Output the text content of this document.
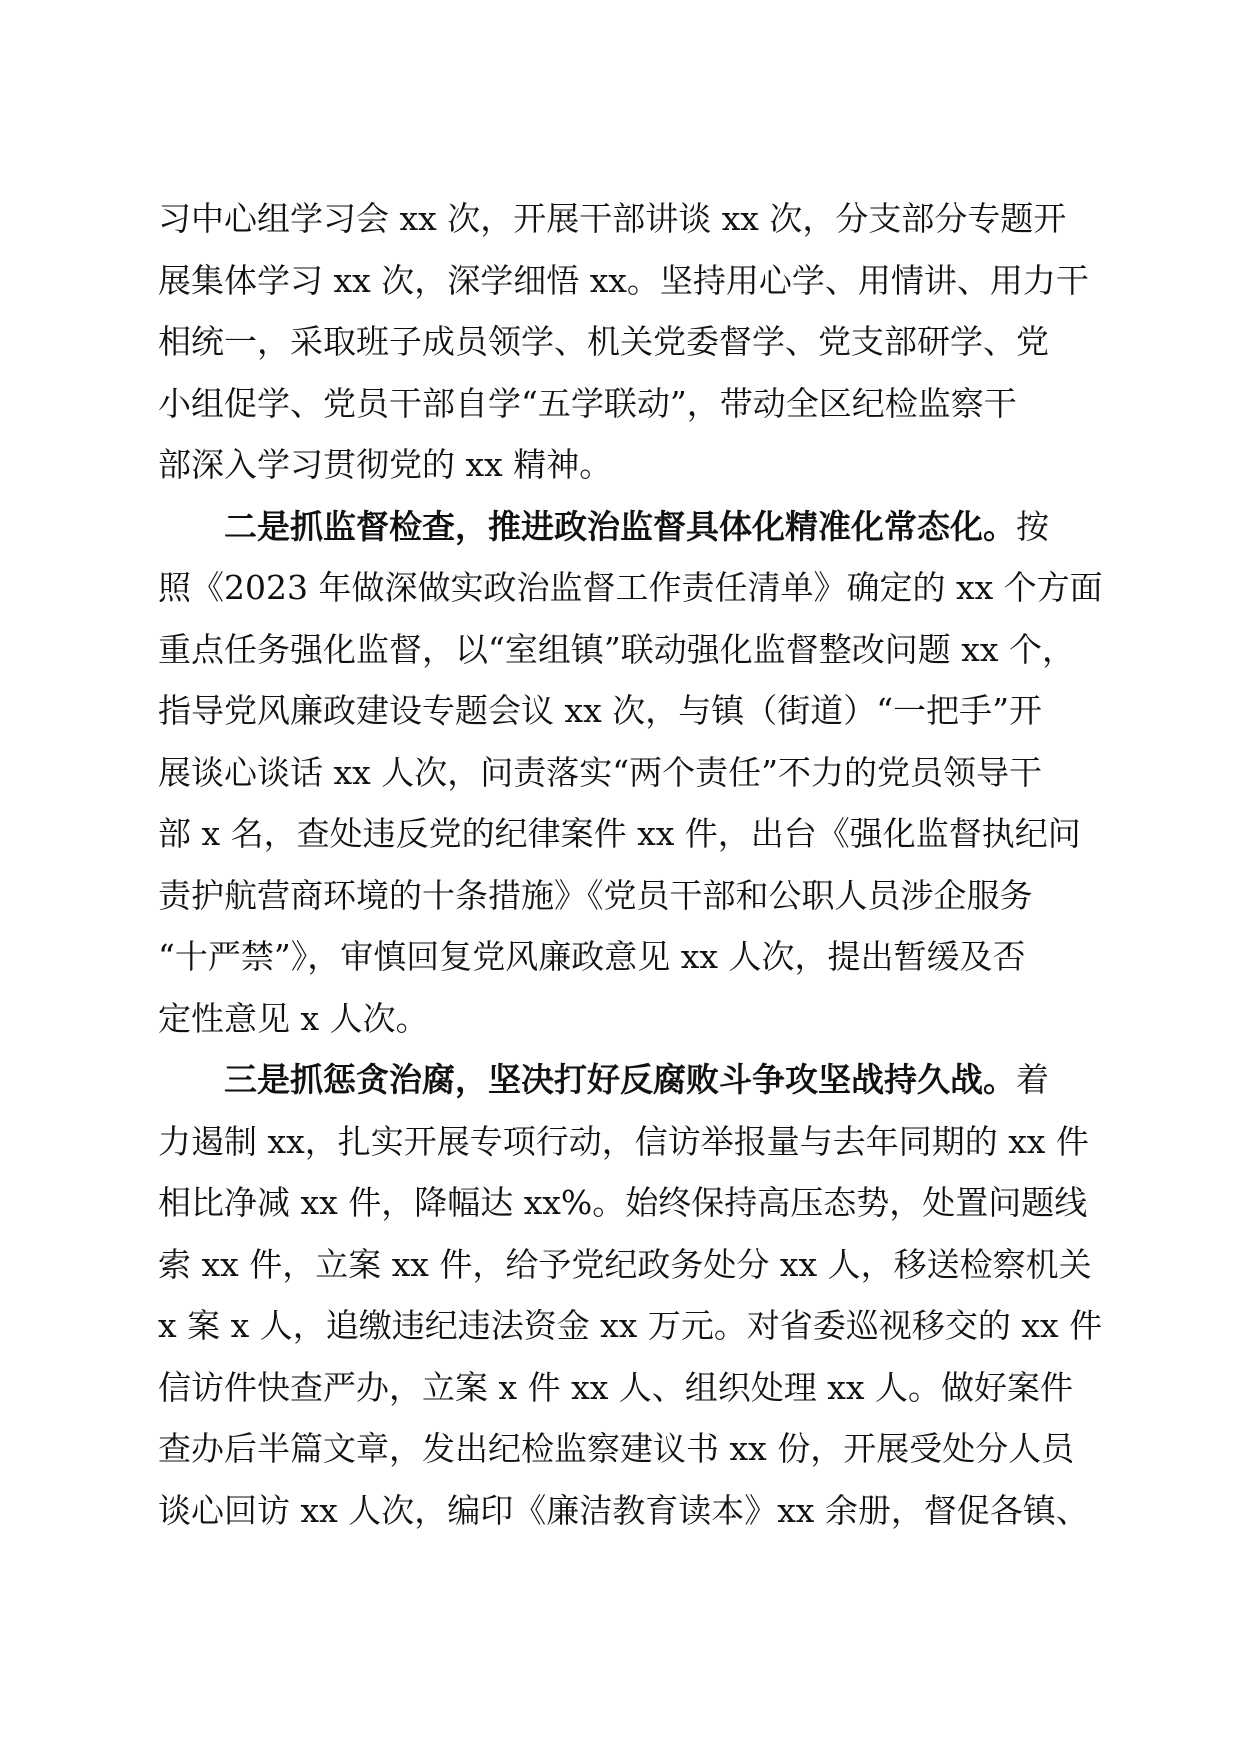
习中心组学习会 xx 次，开展干部讲谈 xx 次，分支部分专题开
展集体学习 xx 次，深学细悟 xx。坚持用心学、用情讲、用力干
相统一，采取班子成员领学、机关党委督学、党支部研学、党
小组促学、党员干部自学“五学联动”，带动全区纪检监察干
部深入学习贯彻党的 xx 精神。
二是抓监督检查，推进政治监督具体化精准化常态化。按
照《2023 年做深做实政治监督工作责任清单》确定的 xx 个方面
重点任务强化监督，以“室组镇”联动强化监督整改问题 xx 个，
指导党风廉政建设专题会议 xx 次，与镇（街道）“一把手”开
展谈心谈话 xx 人次，问责落实“两个责任”不力的党员领导干
部 x 名，查处违反党的纪律案件 xx 件，出台《强化监督执纪问
责护航营商环境的十条措施》《党员干部和公职人员涉企服务
“十严禁”》，审慎回复党风廉政意见 xx 人次，提出暂缓及否
定性意见 x 人次。
三是抓惩贪治腐，坚决打好反腐败斗争攻坚战持久战。着
力遏制 xx，扎实开展专项行动，信访举报量与去年同期的 xx 件
相比净减 xx 件，降幅达 xx%。始终保持高压态势，处置问题线
索 xx 件，立案 xx 件，给予党纪政务处分 xx 人，移送检察机关
x 案 x 人，追缴违纪违法资金 xx 万元。对省委巡视移交的 xx 件
信访件快查严办，立案 x 件 xx 人、组织处理 xx 人。做好案件
查办后半篇文章，发出纪检监察建议书 xx 份，开展受处分人员
谈心回访 xx 人次，编印《廉洁教育读本》xx 余册，督促各镇、
